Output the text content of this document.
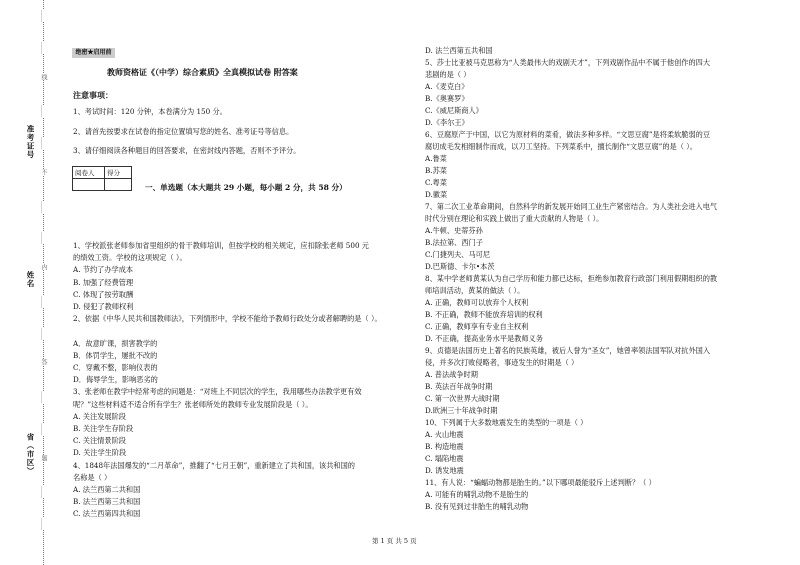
准考证号
姓名
省（市区）
……
……
线
……
……
不
……
……
内
……
……
答
……
……
题
……
……
绝密★启用前
教师资格证《（中学）综合素质》全真模拟试卷 附答案
注意事项：
1、考试时间：120 分钟，本卷满分为 150 分。
2、请首先按要求在试卷的指定位置填写您的姓名、准考证号等信息。
3、请仔细阅读各种题目的回答要求，在密封线内答题，否则不予评分。
阅卷人	得分

一、单选题（本大题共 29 小题，每小题 2 分，共 58 分）
1、学校派张老师参加省里组织的骨干教师培训，但按学校的相关规定，应扣除张老师 500 元
的绩效工资。学校的这项规定（ ）。
A. 节约了办学成本
B. 加强了经费管理
C. 体现了按劳取酬
D. 侵犯了教师权利
2、依据《中华人民共和国教师法》，下列情形中，学校不能给予教师行政处分或者解聘的是（ ）。
A．故意旷课，损害教学的
B．体罚学生，屡批不改的
C．穿戴不整，影响仪表的
D．侮辱学生，影响恶劣的
3、张老师在教学中经常考虑的问题是：“对班上不同层次的学生，我用哪些办法教学更有效
呢？”这些材料适不适合所有学生？张老师所处的教师专业发展阶段是（ ）。
A. 关注发展阶段
B. 关注学生存阶段
C. 关注情景阶段
D. 关注学生阶段
4、1848年法国爆发的“二月革命”，推翻了“七月王朝”，重新建立了共和国，该共和国的
名称是（ ）
A. 法兰西第二共和国
B. 法兰西第三共和国
C. 法兰西第四共和国
D. 法兰西第五共和国
5、莎士比亚被马克思称为“人类最伟大的戏剧天才”，下列戏剧作品中不属于他创作的四大
悲剧的是（ ）
A.《麦克白》
B.《奥赛罗》
C.《威尼斯商人》
D.《李尔王》
6、豆腐原产于中国，以它为原材料的菜肴，做法多种多样。“文思豆腐”是将柔软脆弱的豆
腐切成毛发相细制作而成，以刀工坚持。下列菜系中，擅长制作“文思豆腐”的是（ ）。
A.鲁菜
B.苏菜
C.粤菜
D.徽菜
7、第二次工业革命期间，自然科学的新发展开始同工业生产紧密结合。为人类社会进入电气
时代分别在理论和实践上做出了重大贡献的人物是（ ）。
A.牛顿、史蒂芬孙
B.法拉第、西门子
C.门捷列夫、马可尼
D.巴斯德、卡尔•本茨
8、某中学老师黄某认为自己学历和能力都已达标，拒绝参加教育行政部门利用假期组织的教
师培训活动，黄某的做法（ ）。
A. 正确，教师可以放弃个人权利
B. 不正确，教师不能放弃培训的权利
C. 正确，教师享有专业自主权利
D. 不正确，提高业务水平是教师义务
9、贞德是法国历史上著名的民族英雄，被后人誉为“圣女”，她曾率领法国军队对抗外国入
侵，并多次打败侵略者，事迹发生的时期是（ ）
A. 普法战争时期
B. 英法百年战争时期
C. 第一次世界大战时期
D.欧洲三十年战争时期
10、下列属于大多数地震发生的类型的一项是（ ）
A. 火山地震
B. 构造地震
C. 塌陷地震
D. 诱发地震
11、有人说：“蝙蝠动物都是胎生的。”以下哪项最能驳斥上述判断？（ ）
A. 可能有的哺乳动物不是胎生的
B. 没有见到过非胎生的哺乳动物
第 1 页 共 5 页
